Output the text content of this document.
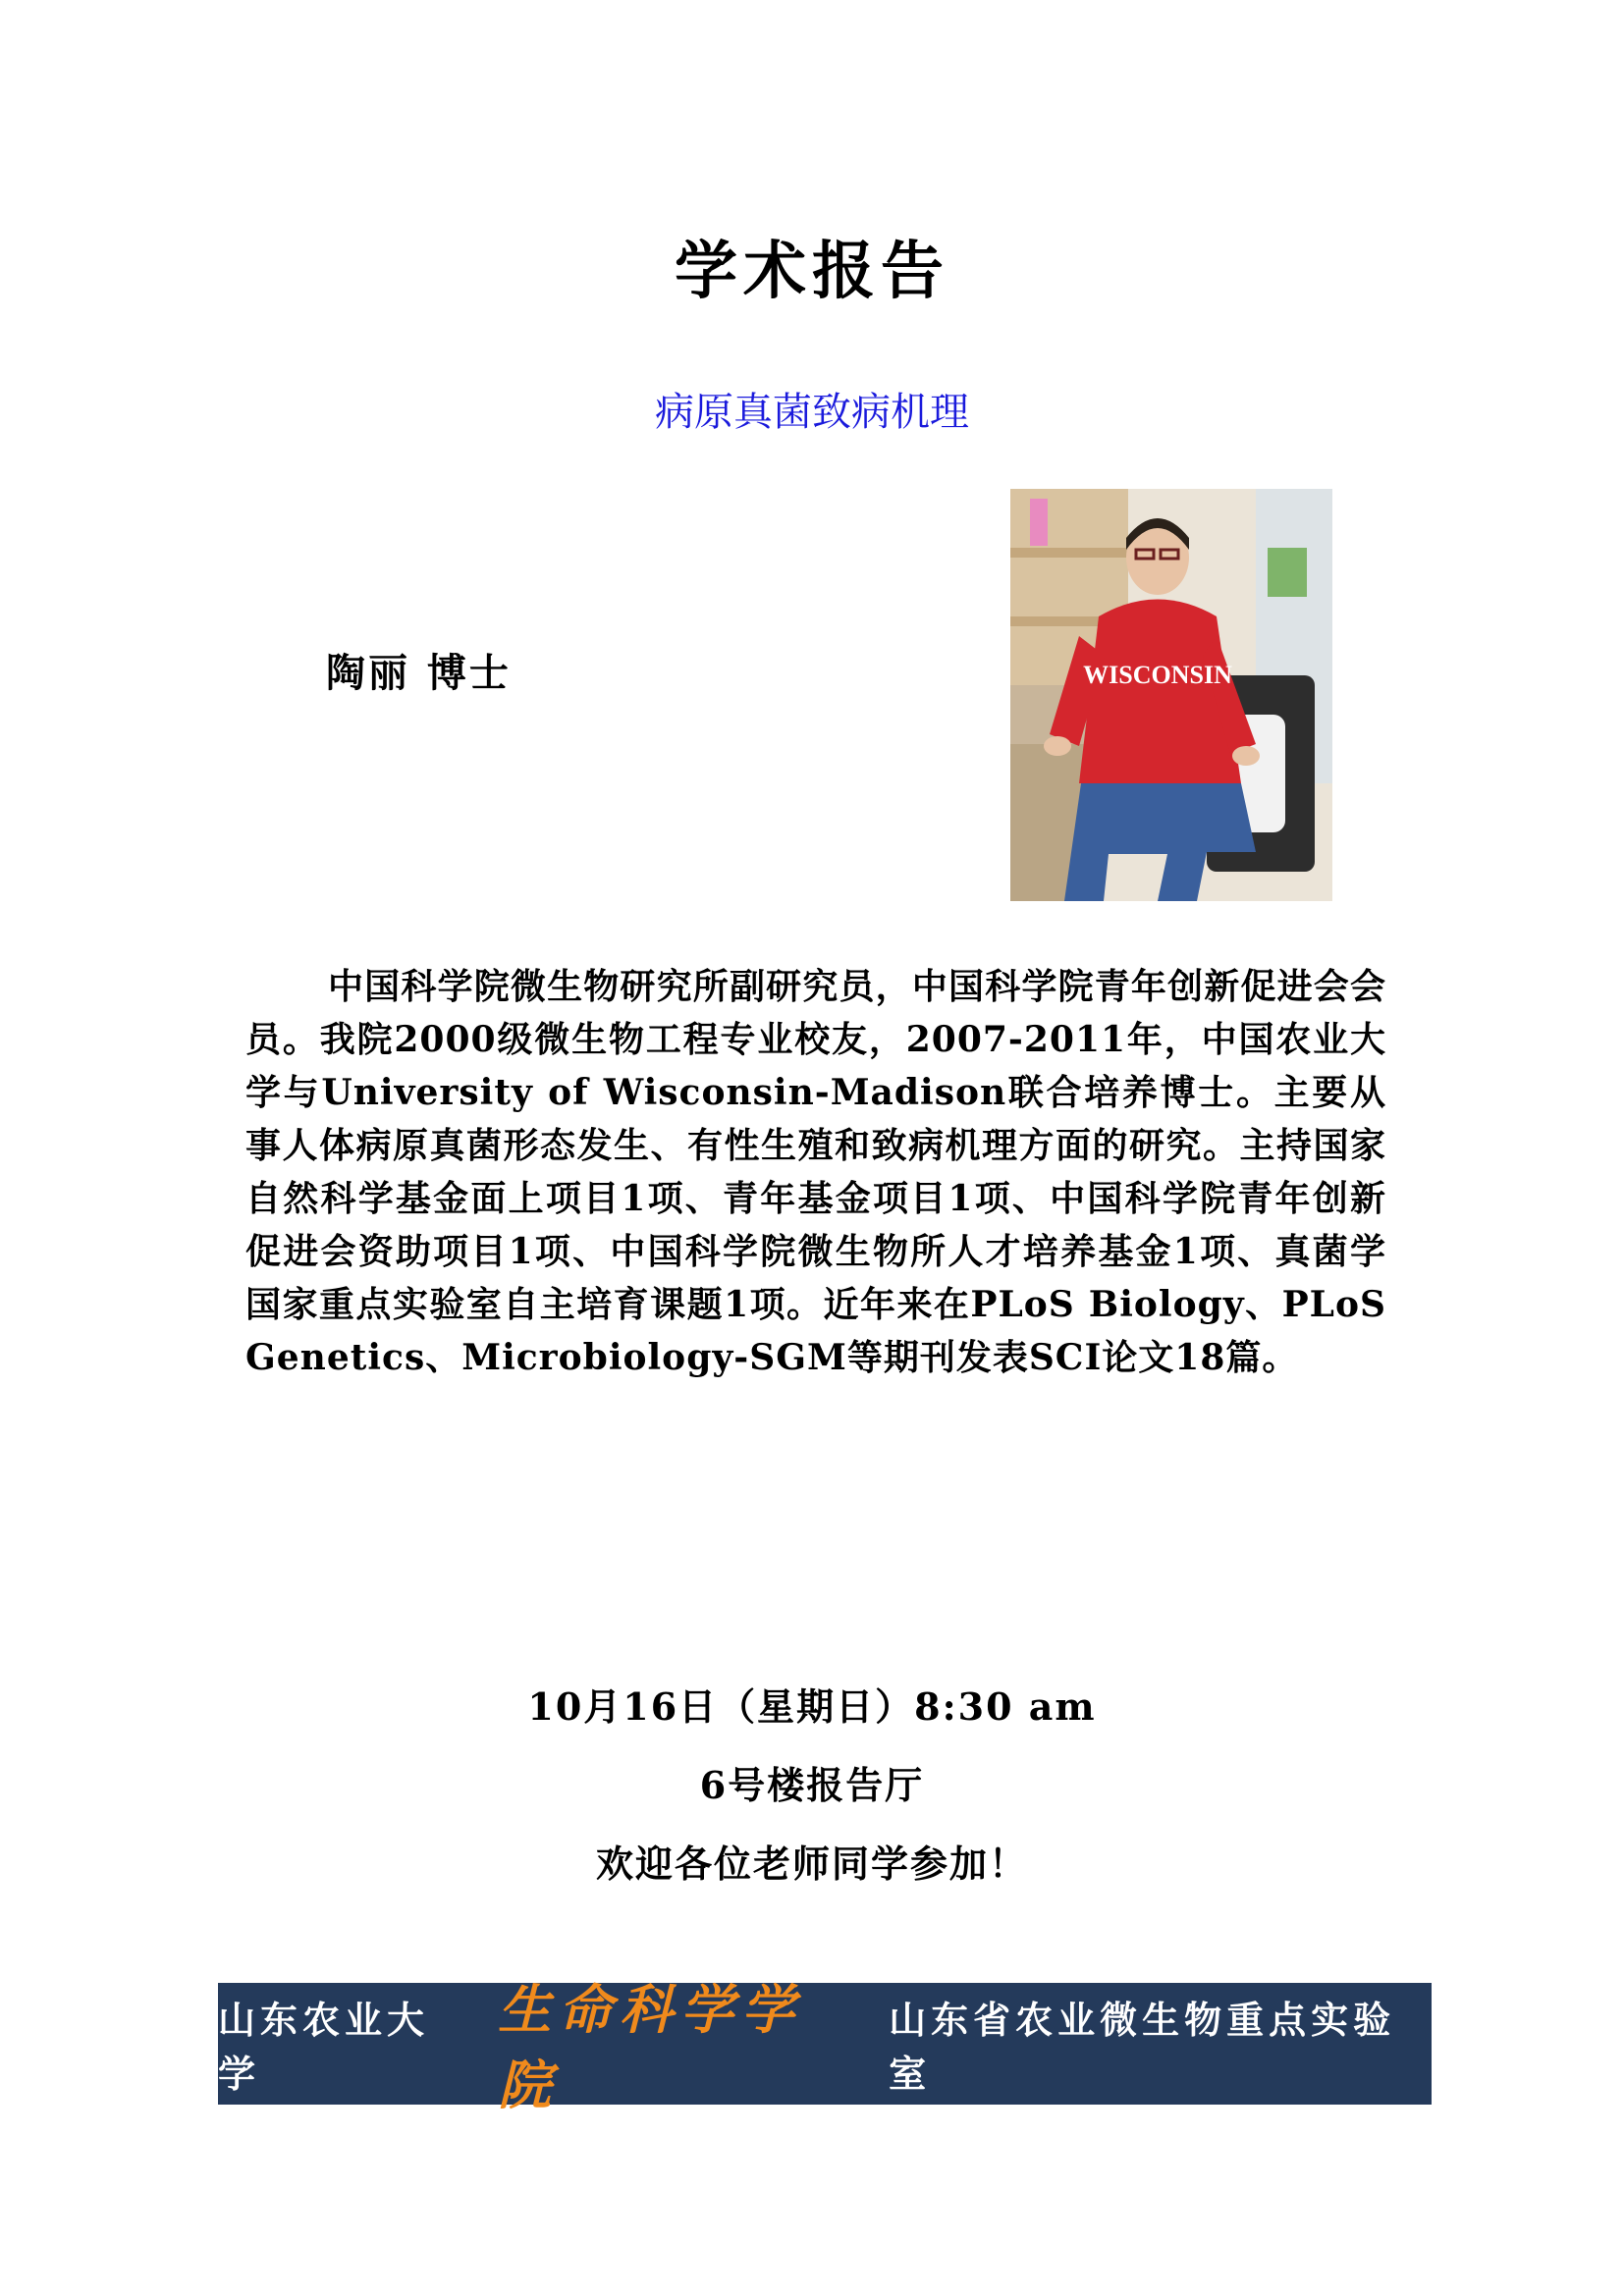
学术报告
病原真菌致病机理
陶丽 博士	WISCONSIN
中国科学院微生物研究所副研究员，中国科学院青年创新促进会会员。我院2000级微生物工程专业校友，2007-2011年，中国农业大学与University of Wisconsin-Madison联合培养博士。主要从事人体病原真菌形态发生、有性生殖和致病机理方面的研究。主持国家自然科学基金面上项目1项、青年基金项目1项、中国科学院青年创新促进会资助项目1项、中国科学院微生物所人才培养基金1项、真菌学国家重点实验室自主培育课题1项。近年来在PLoS Biology、PLoS Genetics、Microbiology-SGM等期刊发表SCI论文18篇。
10月16日（星期日）8:30 am
6号楼报告厅
欢迎各位老师同学参加！
山东农业大学
生命科学学院
山东省农业微生物重点实验室
